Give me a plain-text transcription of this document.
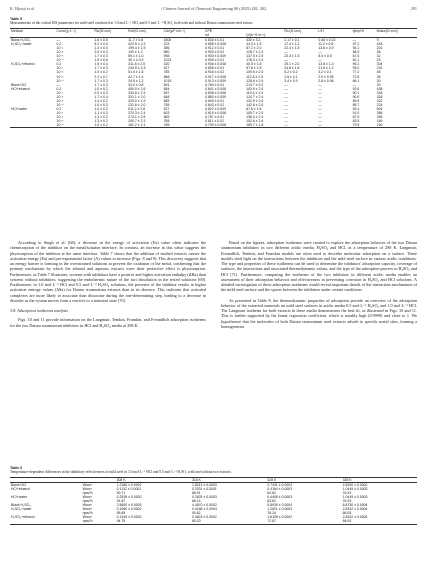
K. Hjouji et al.	/ Chinese Journal of Chemical Engineering 80 (2025) 281–302	291
Table 5
Measurements of the critical EIS parameters for mild steel conducted at 1.0 mol·L⁻¹ HCl and 0.5 mol·L⁻¹ H₂SO₄ both with and without Datura stramonium seed extract.
Medium	Conc/(g·L⁻¹)	Rs/(Ω·cm²)	Rct/(Ω·cm²)	Cdl/(μF·cm⁻²)	CPE		RL/(Ω·cm²)	L/H	ηimp/%	θmax/(Ω·cm²)
					nd	Q/(sⁿ·S·m⁻²)				
Blank H₂SO₄	—	1.6 ± 0.5	11.7 ± 0.8	1800	0.830 ± 0.01	430 ± 3.2	2.17 ± 0.1	0.48 ± 0.02	—	9
H₂SO₄+water	0.2	5.2 ± 0.4	422.5 ± 2.3	223	0.855 ± 0.008	44.3 ± 1.5	17.4 ± 1.2	11.2 ± 0.8	97.2	418
	10⁻¹	1.4 ± 0.5	199.4 ± 1.5	356	0.912 ± 0.01	87.2 ± 2.0	22.3 ± 1.5	13.8 ± 0.9	94.1	201
	10⁻²	2.0 ± 0.3	149 ± 1.2	850	0.909 ± 0.02	128.7 ± 2.3	—	—	88.9	36
	10⁻³	1.7 ± 0.3	55.1 ± 1.0	958	0.900 ± 0.009	137.5 ± 2.5	23.3 ± 1.5	8.4 ± 0.5	67.0	32
	10⁻⁴	1.5 ± 0.6	30.1 ± 0.9	1024	0.909 ± 0.01	178.3 ± 1.9	—	—	61.1	25
H₂SO₄+ethanol	0.2	1.5 ± 0.4	311.8 ± 2.5	320	0.906 ± 0.008	40.5 ± 1.8	25.1 ± 2.0	13.6 ± 1.0	96.2	304
	10⁻¹	1.7 ± 0.3	234.5 ± 2.3	617	0.895 ± 0.01	67.8 ± 1.5	24.8 ± 1.8	21.8 ± 1.2	95.0	231
	10⁻²	1.0 ± 0.2	51.4 ± 1.8	785	0.916 ± 0.02	109.5 ± 2.0	5.2 ± 0.2	3.2 ± 0.1	77.2	48
	10⁻³	2.2 ± 0.7	42.7 ± 1.4	868	0.917 ± 0.008	112.8 ± 2.5	2.5 ± 0.1	2.9 ± 0.05	72.6	36
	10⁻⁴	1.7 ± 0.3	34.5 ± 1.2	1015	0.913 ± 0.009	128.6 ± 2.9	3.4 ± 0.9	2.8 ± 0.06	66.1	30
Blank HCl	—	1.7 ± 0.3	33.0 ± 0.8	891	0.784 ± 0.01	213.7 ± 3.2	—	—	—	33
HCl+ethanol	0.2	1.0 ± 0.2	450.9 ± 2.6	584	0.841 ± 0.008	103.9 ± 2.5	—	—	92.6	438
	10⁻¹	0.9 ± 0.3	334.8 ± 2.3	597	0.838 ± 0.008	110.4 ± 1.9	—	—	90.1	328
	10⁻²	1.7 ± 0.4	331.1 ± 2.0	648	0.860 ± 0.009	124.7 ± 2.4	—	—	90.0	328
	10⁻³	1.4 ± 0.2	329.0 ± 1.9	665	0.849 ± 0.01	132.5 ± 2.6	—	—	89.9	322
	10⁻⁴	1.0 ± 0.3	231.6 ± 2.0	755	0.843 ± 0.02	142.6 ± 2.0	—	—	85.7	224
HCl+water	0.2	1.0 ± 0.2	511.2 ± 2.8	527	0.822 ± 0.009	87.6 ± 1.8	—	—	93.4	504
	10⁻¹	1.1 ± 0.3	370.3 ± 2.4	603	0.819 ± 0.008	105.7 ± 2.0	—	—	91.0	368
	10⁻²	1.3 ± 0.2	274.1 ± 2.5	683	0.787 ± 0.01	138.4 ± 2.4	—	—	87.9	265
	10⁻³	1.3 ± 0.2	200.7 ± 2.3	768	0.811 ± 0.02	152.8 ± 2.6	—	—	83.5	189
	10⁻⁴	1.0 ± 0.2	161.2 ± 2.1	785	0.790 ± 0.008	189.7 ± 1.8	—	—	79.5	150

According to Singh et al. [68], a decrease in the energy of activation (Ea) value often indicates the chemisorption of the inhibitor on the metal/solution interface. In contrast, an increase in this value suggests the physisorption of the inhibitor at the same interface. Table 7 shows that the addition of studied extracts causes the activation energy (Ea) and pre-exponential factor (A) values to increase (Figs. 8 and 9). This discovery suggests that an energy barrier is forming in the overstrained solutions to prevent the oxidation of the metal, confirming that the primary mechanism by which the ethanol and aqueous extracts exert their protective effect is physisorption. Furthermore, as Table 7 illustrates, systems with inhibitors have a positive and higher activation enthalpy (ΔHa) than systems without inhibitors, suggesting the endothermic nature of the fact dissolution in the tested solutions [69]. Furthermore, in 1.0 mol·L⁻¹ HCl and 0.5 mol·L⁻¹ H₂SO₄ solutions, the presence of the inhibitor results in higher activation entropy values (ΔSa) for Datura stramonium extracts than in its absence. This indicates that activated complexes are more likely to associate than dissociate during the rate-determining step, leading to a decrease in disorder as the system moves from a reactive to a transient state [70].

3.8. Adsorption isotherms analysis

Figs. 10 and 11 provide information on the Langmuir, Temkin, Frumkin, and Freundlich adsorption isotherms for the two Datura stramonium inhibitors in HCl and H₂SO₄ media at 298 K.

Based on the figures, adsorption isotherms were created to explore the adsorption behavior of the two Datura stramonium inhibitors in two different acidic media, H₂SO₄ and HCl, at a temperature of 298 K. Langmuir, Freundlich, Temkin, and Frumkin models are often used to describe molecular adsorption on a surface. These models shed light on the interactions between the inhibitors and the mild steel surface in various acidic conditions. The type and properties of these isotherms can be used to determine the inhibitors' adsorption capacity, coverage of surfaces, the interactions and associated thermodynamic values, and the type of the adsorption process in H₂SO₄ and HCl [71]. Furthermore, comparing the isotherms of the two inhibitors in different acidic media enables an assessment of their adsorption behavior and effectiveness in preventing corrosion in H₂SO₄ and HCl solutions. A detailed investigation of these adsorption isotherms would reveal important details of the interaction mechanisms of the mild steel surface and the spaces between the inhibitors under certain conditions.

As presented in Table 8, the thermodynamic properties of adsorption provide an overview of the adsorption behavior of the extracted materials on mild steel surfaces in acidic media 0.5 mol·L⁻¹ H₂SO₄ and 1.0 mol·L⁻¹ HCl. The Langmuir isotherm for both extracts in these media demonstrates the best fit, as illustrated in Figs. 10 and 11. This is further supported by the linear regression coefficient, which is notably high (0.9999) and close to 1. We hypothesize that the molecules of both Datura stramonium seed extracts adsorb to specific metal sites, forming a homogeneous

Table 6
Temperature-dependent differences in the inhibitory effectiveness of mild steel in 1.0 mol·L⁻¹ HCl and 0.5 mol·L⁻¹ H₂SO₄ with and without two extracts.
		308 K	318 K	328 K	338 K
Blank HCl	Wcorr	1.2186 ± 0.0001	1.8313 ± 0.0003	2.7431 ± 0.0003	4.5290 ± 0.0002
HCl+ethanol	Wcorr	0.1132 ± 0.0002	0.2031 ± 0.0001	0.4164 ± 0.0003	1.0449 ± 0.0003
	ηws/%	90.71	88.91	84.82	76.93
HCl+water	Wcorr	0.2538 ± 0.0003	0.2625 ± 0.0003	0.4405 ± 0.0003	1.0449 ± 0.0003
	ηws/%	91.87	86.14	83.62	76.93
Blank H₂SO₄	Wcorr	2.5600 ± 0.0003	4.4670 ± 0.0002	5.8930 ± 0.0004	8.8730 ± 0.0004
H₂SO₄+water	Wcorr	0.1060 ± 0.0002	0.4188 ± 0.0004	1.2821 ± 0.0003	2.8342 ± 0.0004
	ηws/%	95.85	90.62	78.24	68.05
H₂SO₄+ethanol	Wcorr	0.1345 ± 0.0003	0.4823 ± 0.0002	1.6108 ± 0.0002	2.8342 ± 0.0004
	ηws/%	94.75	89.20	72.67	68.05
